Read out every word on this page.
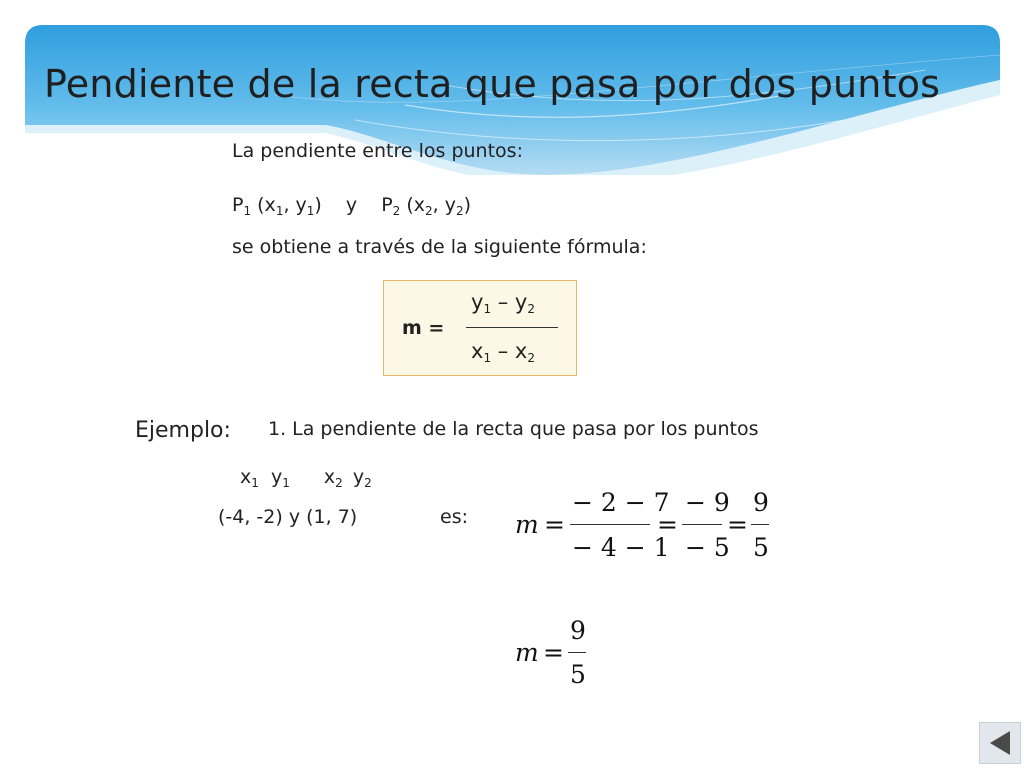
Pendiente de la recta que pasa por dos puntos
La pendiente entre los puntos:
$P_1$ ($x_1$, $y_1$) y $P_2$ ($x_2$, $y_2$)
se obtiene a través de la siguiente fórmula:
m =
$y_1 - y_2$
$x_1 - x_2$
Ejemplo: 1. La pendiente de la recta que pasa por los puntos
$x_1$ $y_1$ $x_2$ $y_2$
(-4, -2) y (1, 7)	es: m =
− 2 − 7
− 4 − 1
=
− 9
− 5
=
9
5
m =
9
5
